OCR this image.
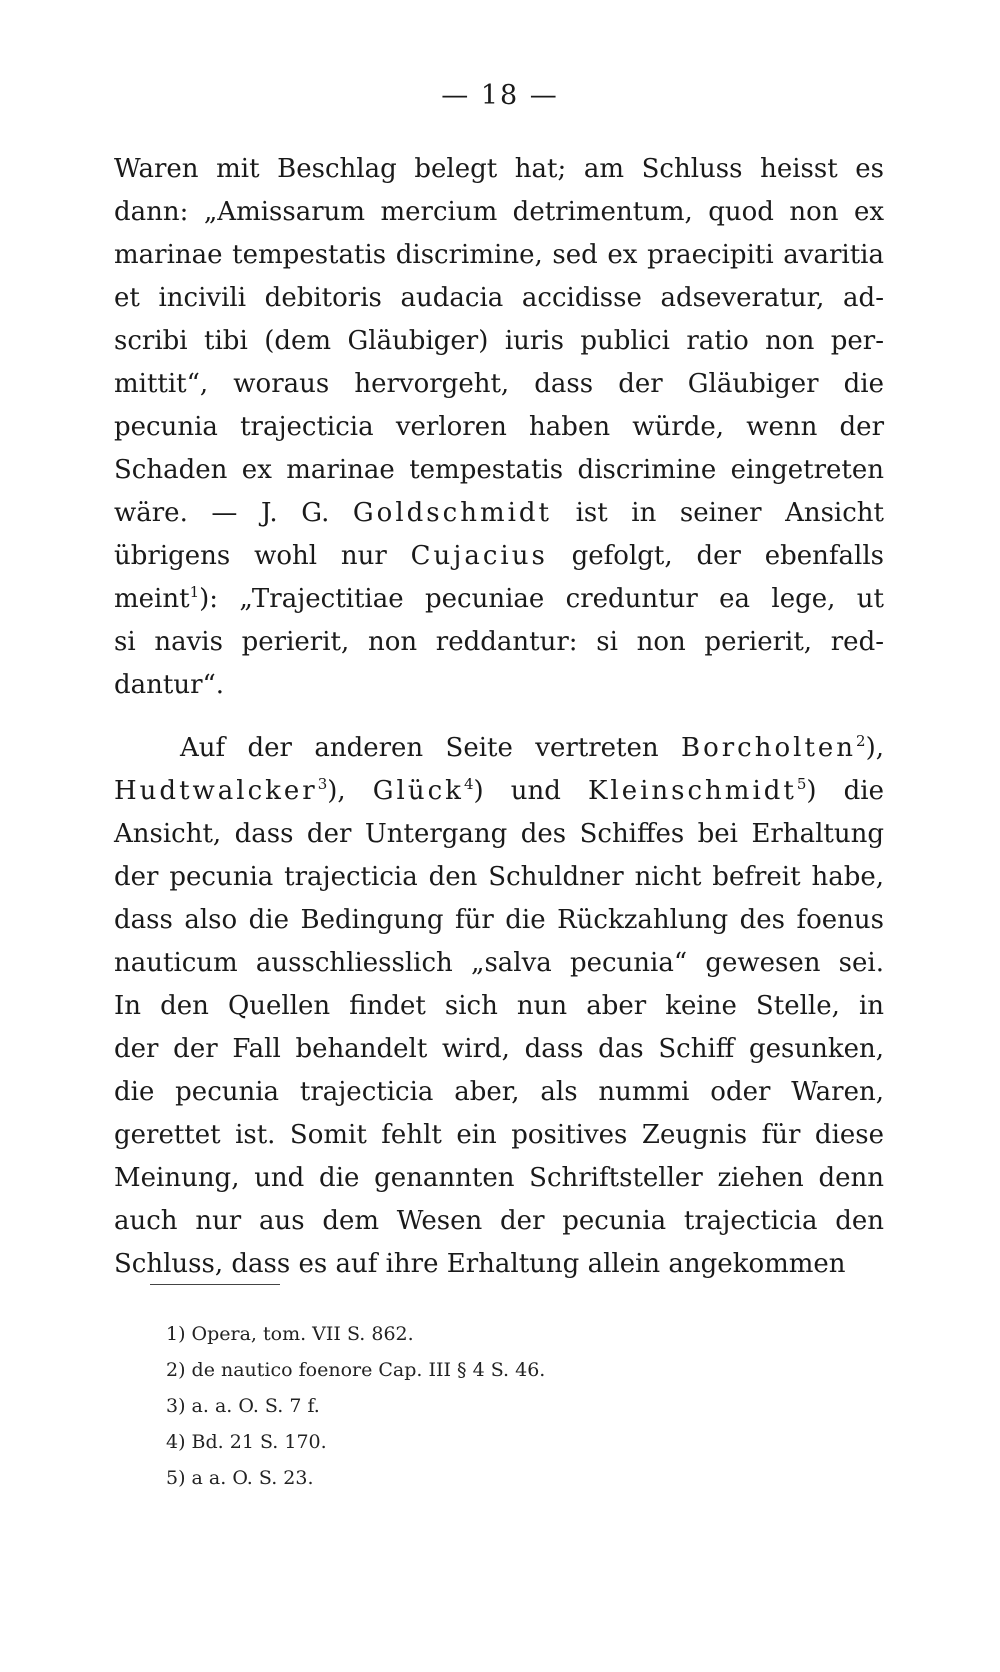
— 18 —
Waren mit Beschlag belegt hat; am Schluss heisst es
dann: „Amissarum mercium detrimentum, quod non ex
marinae tempestatis discrimine, sed ex praecipiti avaritia
et incivili debitoris audacia accidisse adseveratur, ad-
scribi tibi (dem Gläubiger) iuris publici ratio non per-
mittit“, woraus hervorgeht, dass der Gläubiger die
pecunia trajecticia verloren haben würde, wenn der
Schaden ex marinae tempestatis discrimine eingetreten
wäre. — J. G. Goldschmidt ist in seiner Ansicht
übrigens wohl nur Cujacius gefolgt, der ebenfalls
meint$^1$): „Trajectitiae pecuniae creduntur ea lege, ut
si navis perierit, non reddantur: si non perierit, red-
dantur“.
Auf der anderen Seite vertreten Borcholten$^2$),
Hudtwalcker$^3$), Glück$^4$) und Kleinschmidt$^5$) die
Ansicht, dass der Untergang des Schiffes bei Erhaltung
der pecunia trajecticia den Schuldner nicht befreit habe,
dass also die Bedingung für die Rückzahlung des foenus
nauticum ausschliesslich „salva pecunia“ gewesen sei.
In den Quellen findet sich nun aber keine Stelle, in
der der Fall behandelt wird, dass das Schiff gesunken,
die pecunia trajecticia aber, als nummi oder Waren,
gerettet ist. Somit fehlt ein positives Zeugnis für diese
Meinung, und die genannten Schriftsteller ziehen denn
auch nur aus dem Wesen der pecunia trajecticia den
Schluss, dass es auf ihre Erhaltung allein angekommen
1) Opera, tom. VII S. 862.
2) de nautico foenore Cap. III § 4 S. 46.
3) a. a. O. S. 7 f.
4) Bd. 21 S. 170.
5) a a. O. S. 23.
